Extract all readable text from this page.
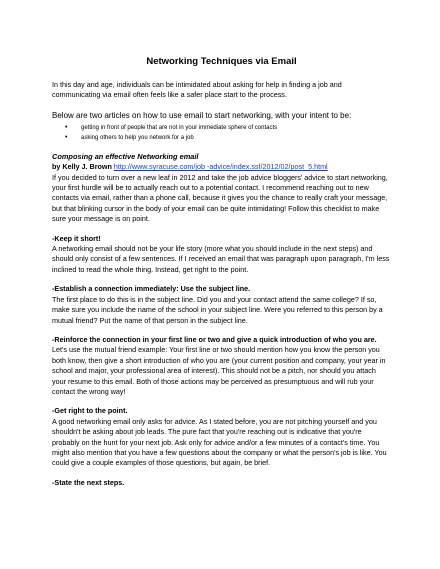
Networking Techniques via Email

In this day and age, individuals can be intimidated about asking for help in finding a job and communicating via email often feels like a safer place start to the process.

Below are two articles on how to use email to start networking, with your intent to be:

• getting in front of people that are not in your immediate sphere of contacts
• asking others to help you network for a job
Composing an effective Networking email
by Kelly J. Brown http://www.syracuse.com/job -advice/index.ssf/2012/02/post_5.html

If you decided to turn over a new leaf in 2012 and take the job advice bloggers' advice to start networking, your first hurdle will be to actually reach out to a potential contact. I recommend reaching out to new contacts via email, rather than a phone call, because it gives you the chance to really craft your message, but that blinking cursor in the body of your email can be quite intimidating! Follow this checklist to make sure your message is on point.

-Keep it short!

A networking email should not be your life story (more what you should include in the next steps) and should only consist of a few sentences. If I received an email that was paragraph upon paragraph, I'm less inclined to read the whole thing. Instead, get right to the point.

-Establish a connection immediately: Use the subject line.

The first place to do this is in the subject line. Did you and your contact attend the same college? If so, make sure you include the name of the school in your subject line. Were you referred to this person by a mutual friend? Put the name of that person in the subject line.

-Reinforce the connection in your first line or two and give a quick introduction of who you are.

Let's use the mutual friend example: Your first line or two should mention how you know the person you both know, then give a short introduction of who you are (your current position and company, your year in school and major, your professional area of interest). This should not be a pitch, nor should you attach your resume to this email. Both of those actions may be perceived as presumptuous and will rub your contact the wrong way!

-Get right to the point.

A good networking email only asks for advice. As I stated before, you are not pitching yourself and you shouldn't be asking about job leads. The pure fact that you're reaching out is indicative that you're probably on the hunt for your next job. Ask only for advice and/or a few minutes of a contact's time. You might also mention that you have a few questions about the company or what the person's job is like. You could give a couple examples of those questions, but again, be brief.

-State the next steps.
